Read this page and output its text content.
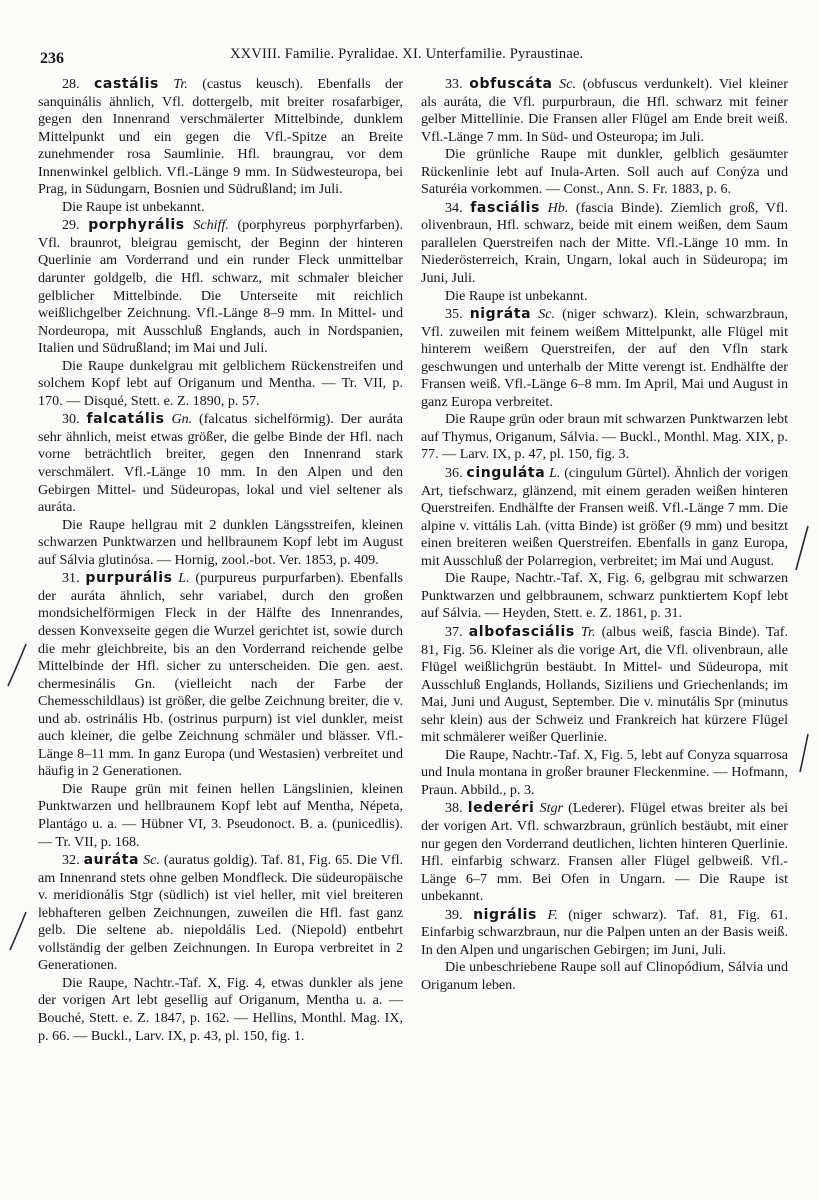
236	XXVIII. Familie. Pyralidae. XI. Unterfamilie. Pyraustinae.

28. castális Tr. (castus keusch). Ebenfalls der sanquinális ähnlich, Vfl. dottergelb, mit breiter rosafarbiger, gegen den Innenrand verschmälerter Mittelbinde, dunklem Mittelpunkt und ein gegen die Vfl.-Spitze an Breite zunehmender rosa Saumlinie. Hfl. braungrau, vor dem Innenwinkel gelblich. Vfl.-Länge 9 mm. In Südwesteuropa, bei Prag, in Südungarn, Bosnien und Südrußland; im Juli.

Die Raupe ist unbekannt.

29. porphyrális Schiff. (porphyreus porphyrfarben). Vfl. braunrot, bleigrau gemischt, der Beginn der hinteren Querlinie am Vorderrand und ein runder Fleck unmittelbar darunter goldgelb, die Hfl. schwarz, mit schmaler bleicher gelblicher Mittelbinde. Die Unterseite mit reichlich weißlichgelber Zeichnung. Vfl.-Länge 8–9 mm. In Mittel- und Nordeuropa, mit Ausschluß Englands, auch in Nordspanien, Italien und Südrußland; im Mai und Juli.

Die Raupe dunkelgrau mit gelblichem Rückenstreifen und solchem Kopf lebt auf Origanum und Mentha. — Tr. VII, p. 170. — Disqué, Stett. e. Z. 1890, p. 57.

30. falcatális Gn. (falcatus sichelförmig). Der auráta sehr ähnlich, meist etwas größer, die gelbe Binde der Hfl. nach vorne beträchtlich breiter, gegen den Innenrand stark verschmälert. Vfl.-Länge 10 mm. In den Alpen und den Gebirgen Mittel- und Südeuropas, lokal und viel seltener als auráta.

Die Raupe hellgrau mit 2 dunklen Längsstreifen, kleinen schwarzen Punktwarzen und hellbraunem Kopf lebt im August auf Sálvia glutinósa. — Hornig, zool.-bot. Ver. 1853, p. 409.

31. purpurális L. (purpureus purpurfarben). Ebenfalls der auráta ähnlich, sehr variabel, durch den großen mondsichelförmigen Fleck in der Hälfte des Innenrandes, dessen Konvexseite gegen die Wurzel gerichtet ist, sowie durch die mehr gleichbreite, bis an den Vorderrand reichende gelbe Mittelbinde der Hfl. sicher zu unterscheiden. Die gen. aest. chermesinális Gn. (vielleicht nach der Farbe der Chemesschildlaus) ist größer, die gelbe Zeichnung breiter, die v. und ab. ostrinális Hb. (ostrinus purpurn) ist viel dunkler, meist auch kleiner, die gelbe Zeichnung schmäler und blässer. Vfl.-Länge 8–11 mm. In ganz Europa (und Westasien) verbreitet und häufig in 2 Generationen.

Die Raupe grün mit feinen hellen Längslinien, kleinen Punktwarzen und hellbraunem Kopf lebt auf Mentha, Népeta, Plantágo u. a. — Hübner VI, 3. Pseudonoct. B. a. (punicedlis). — Tr. VII, p. 168.

32. auráta Sc. (auratus goldig). Taf. 81, Fig. 65. Die Vfl. am Innenrand stets ohne gelben Mondfleck. Die südeuropäische v. meridionális Stgr (südlich) ist viel heller, mit viel breiteren lebhafteren gelben Zeichnungen, zuweilen die Hfl. fast ganz gelb. Die seltene ab. niepoldális Led. (Niepold) entbehrt vollständig der gelben Zeichnungen. In Europa verbreitet in 2 Generationen.

Die Raupe, Nachtr.-Taf. X, Fig. 4, etwas dunkler als jene der vorigen Art lebt gesellig auf Origanum, Mentha u. a. — Bouché, Stett. e. Z. 1847, p. 162. — Hellins, Monthl. Mag. IX, p. 66. — Buckl., Larv. IX, p. 43, pl. 150, fig. 1.

33. obfuscáta Sc. (obfuscus verdunkelt). Viel kleiner als auráta, die Vfl. purpurbraun, die Hfl. schwarz mit feiner gelber Mittellinie. Die Fransen aller Flügel am Ende breit weiß. Vfl.-Länge 7 mm. In Süd- und Osteuropa; im Juli.

Die grünliche Raupe mit dunkler, gelblich gesäumter Rückenlinie lebt auf Inula-Arten. Soll auch auf Conýza und Saturéia vorkommen. — Const., Ann. S. Fr. 1883, p. 6.

34. fasciális Hb. (fascia Binde). Ziemlich groß, Vfl. olivenbraun, Hfl. schwarz, beide mit einem weißen, dem Saum parallelen Querstreifen nach der Mitte. Vfl.-Länge 10 mm. In Niederösterreich, Krain, Ungarn, lokal auch in Südeuropa; im Juni, Juli.

Die Raupe ist unbekannt.

35. nigráta Sc. (niger schwarz). Klein, schwarzbraun, Vfl. zuweilen mit feinem weißem Mittelpunkt, alle Flügel mit hinterem weißem Querstreifen, der auf den Vfln stark geschwungen und unterhalb der Mitte verengt ist. Endhälfte der Fransen weiß. Vfl.-Länge 6–8 mm. Im April, Mai und August in ganz Europa verbreitet.

Die Raupe grün oder braun mit schwarzen Punktwarzen lebt auf Thymus, Origanum, Sálvia. — Buckl., Monthl. Mag. XIX, p. 77. — Larv. IX, p. 47, pl. 150, fig. 3.

36. cinguláta L. (cingulum Gürtel). Ähnlich der vorigen Art, tiefschwarz, glänzend, mit einem geraden weißen hinteren Querstreifen. Endhälfte der Fransen weiß. Vfl.-Länge 7 mm. Die alpine v. vittális Lah. (vitta Binde) ist größer (9 mm) und besitzt einen breiteren weißen Querstreifen. Ebenfalls in ganz Europa, mit Ausschluß der Polarregion, verbreitet; im Mai und August.

Die Raupe, Nachtr.-Taf. X, Fig. 6, gelbgrau mit schwarzen Punktwarzen und gelbbraunem, schwarz punktiertem Kopf lebt auf Sálvia. — Heyden, Stett. e. Z. 1861, p. 31.

37. albofasciális Tr. (albus weiß, fascia Binde). Taf. 81, Fig. 56. Kleiner als die vorige Art, die Vfl. olivenbraun, alle Flügel weißlichgrün bestäubt. In Mittel- und Südeuropa, mit Ausschluß Englands, Hollands, Siziliens und Griechenlands; im Mai, Juni und August, September. Die v. minutális Spr (minutus sehr klein) aus der Schweiz und Frankreich hat kürzere Flügel mit schmälerer weißer Querlinie.

Die Raupe, Nachtr.-Taf. X, Fig. 5, lebt auf Conyza squarrosa und Inula montana in großer brauner Fleckenmine. — Hofmann, Praun. Abbild., p. 3.

38. lederéri Stgr (Lederer). Flügel etwas breiter als bei der vorigen Art. Vfl. schwarzbraun, grünlich bestäubt, mit einer nur gegen den Vorderrand deutlichen, lichten hinteren Querlinie. Hfl. einfarbig schwarz. Fransen aller Flügel gelbweiß. Vfl.-Länge 6–7 mm. Bei Ofen in Ungarn. — Die Raupe ist unbekannt.

39. nigrális F. (niger schwarz). Taf. 81, Fig. 61. Einfarbig schwarzbraun, nur die Palpen unten an der Basis weiß. In den Alpen und ungarischen Gebirgen; im Juni, Juli.

Die unbeschriebene Raupe soll auf Clinopódium, Sálvia und Origanum leben.
